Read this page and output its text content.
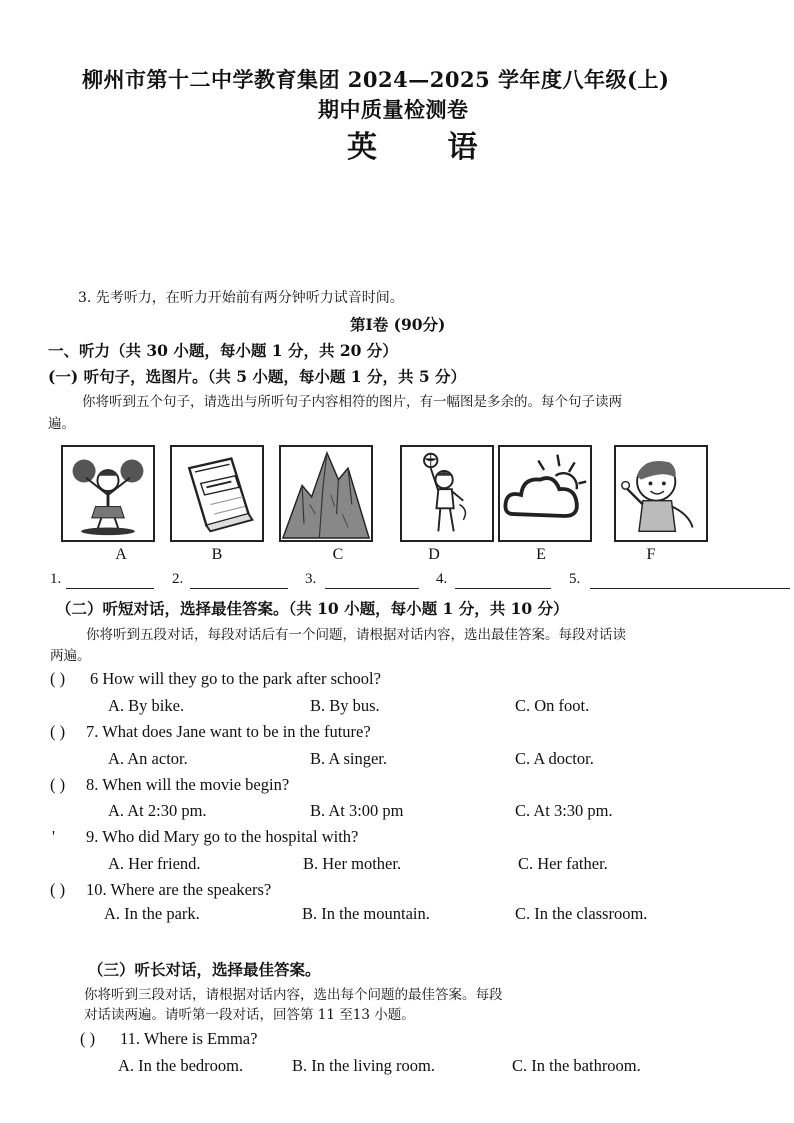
柳州市第十二中学教育集团 2024—2025 学年度八年级(上)
期中质量检测卷
英 语
3. 先考听力，在听力开始前有两分钟听力试音时间。
第Ⅰ卷 (90分)
一、听力（共 30 小题，每小题 1 分，共 20 分）
(一) 听句子，选图片。（共 5 小题，每小题 1 分，共 5 分）
你将听到五个句子，请选出与所听句子内容相符的图片，有一幅图是多余的。每个句子读两
遍。
A	B	C	D	E	F
1.	2.	3.	4.	5.
（二）听短对话，选择最佳答案。（共 10 小题，每小题 1 分，共 10 分）
你将听到五段对话，每段对话后有一个问题，请根据对话内容，选出最佳答案。每段对话读
两遍。
( ) 6 How will they go to the park after school?
A. By bike.	B. By bus.	C. On foot.
( ) 7. What does Jane want to be in the future?
A. An actor.	B. A singer.	C. A doctor.
( ) 8. When will the movie begin?
A. At 2:30 pm.	B. At 3:00 pm	C. At 3:30 pm.
' 9. Who did Mary go to the hospital with?
A. Her friend.	B. Her mother.	C. Her father.
( ) 10. Where are the speakers?
A. In the park.	B. In the mountain.	C. In the classroom.
（三）听长对话，选择最佳答案。
你将听到三段对话，请根据对话内容，选出每个问题的最佳答案。每段
对话读两遍。请听第一段对话，回答第 11 至13 小题。
( ) 11. Where is Emma?
A. In the bedroom.	B. In the living room.	C. In the bathroom.
